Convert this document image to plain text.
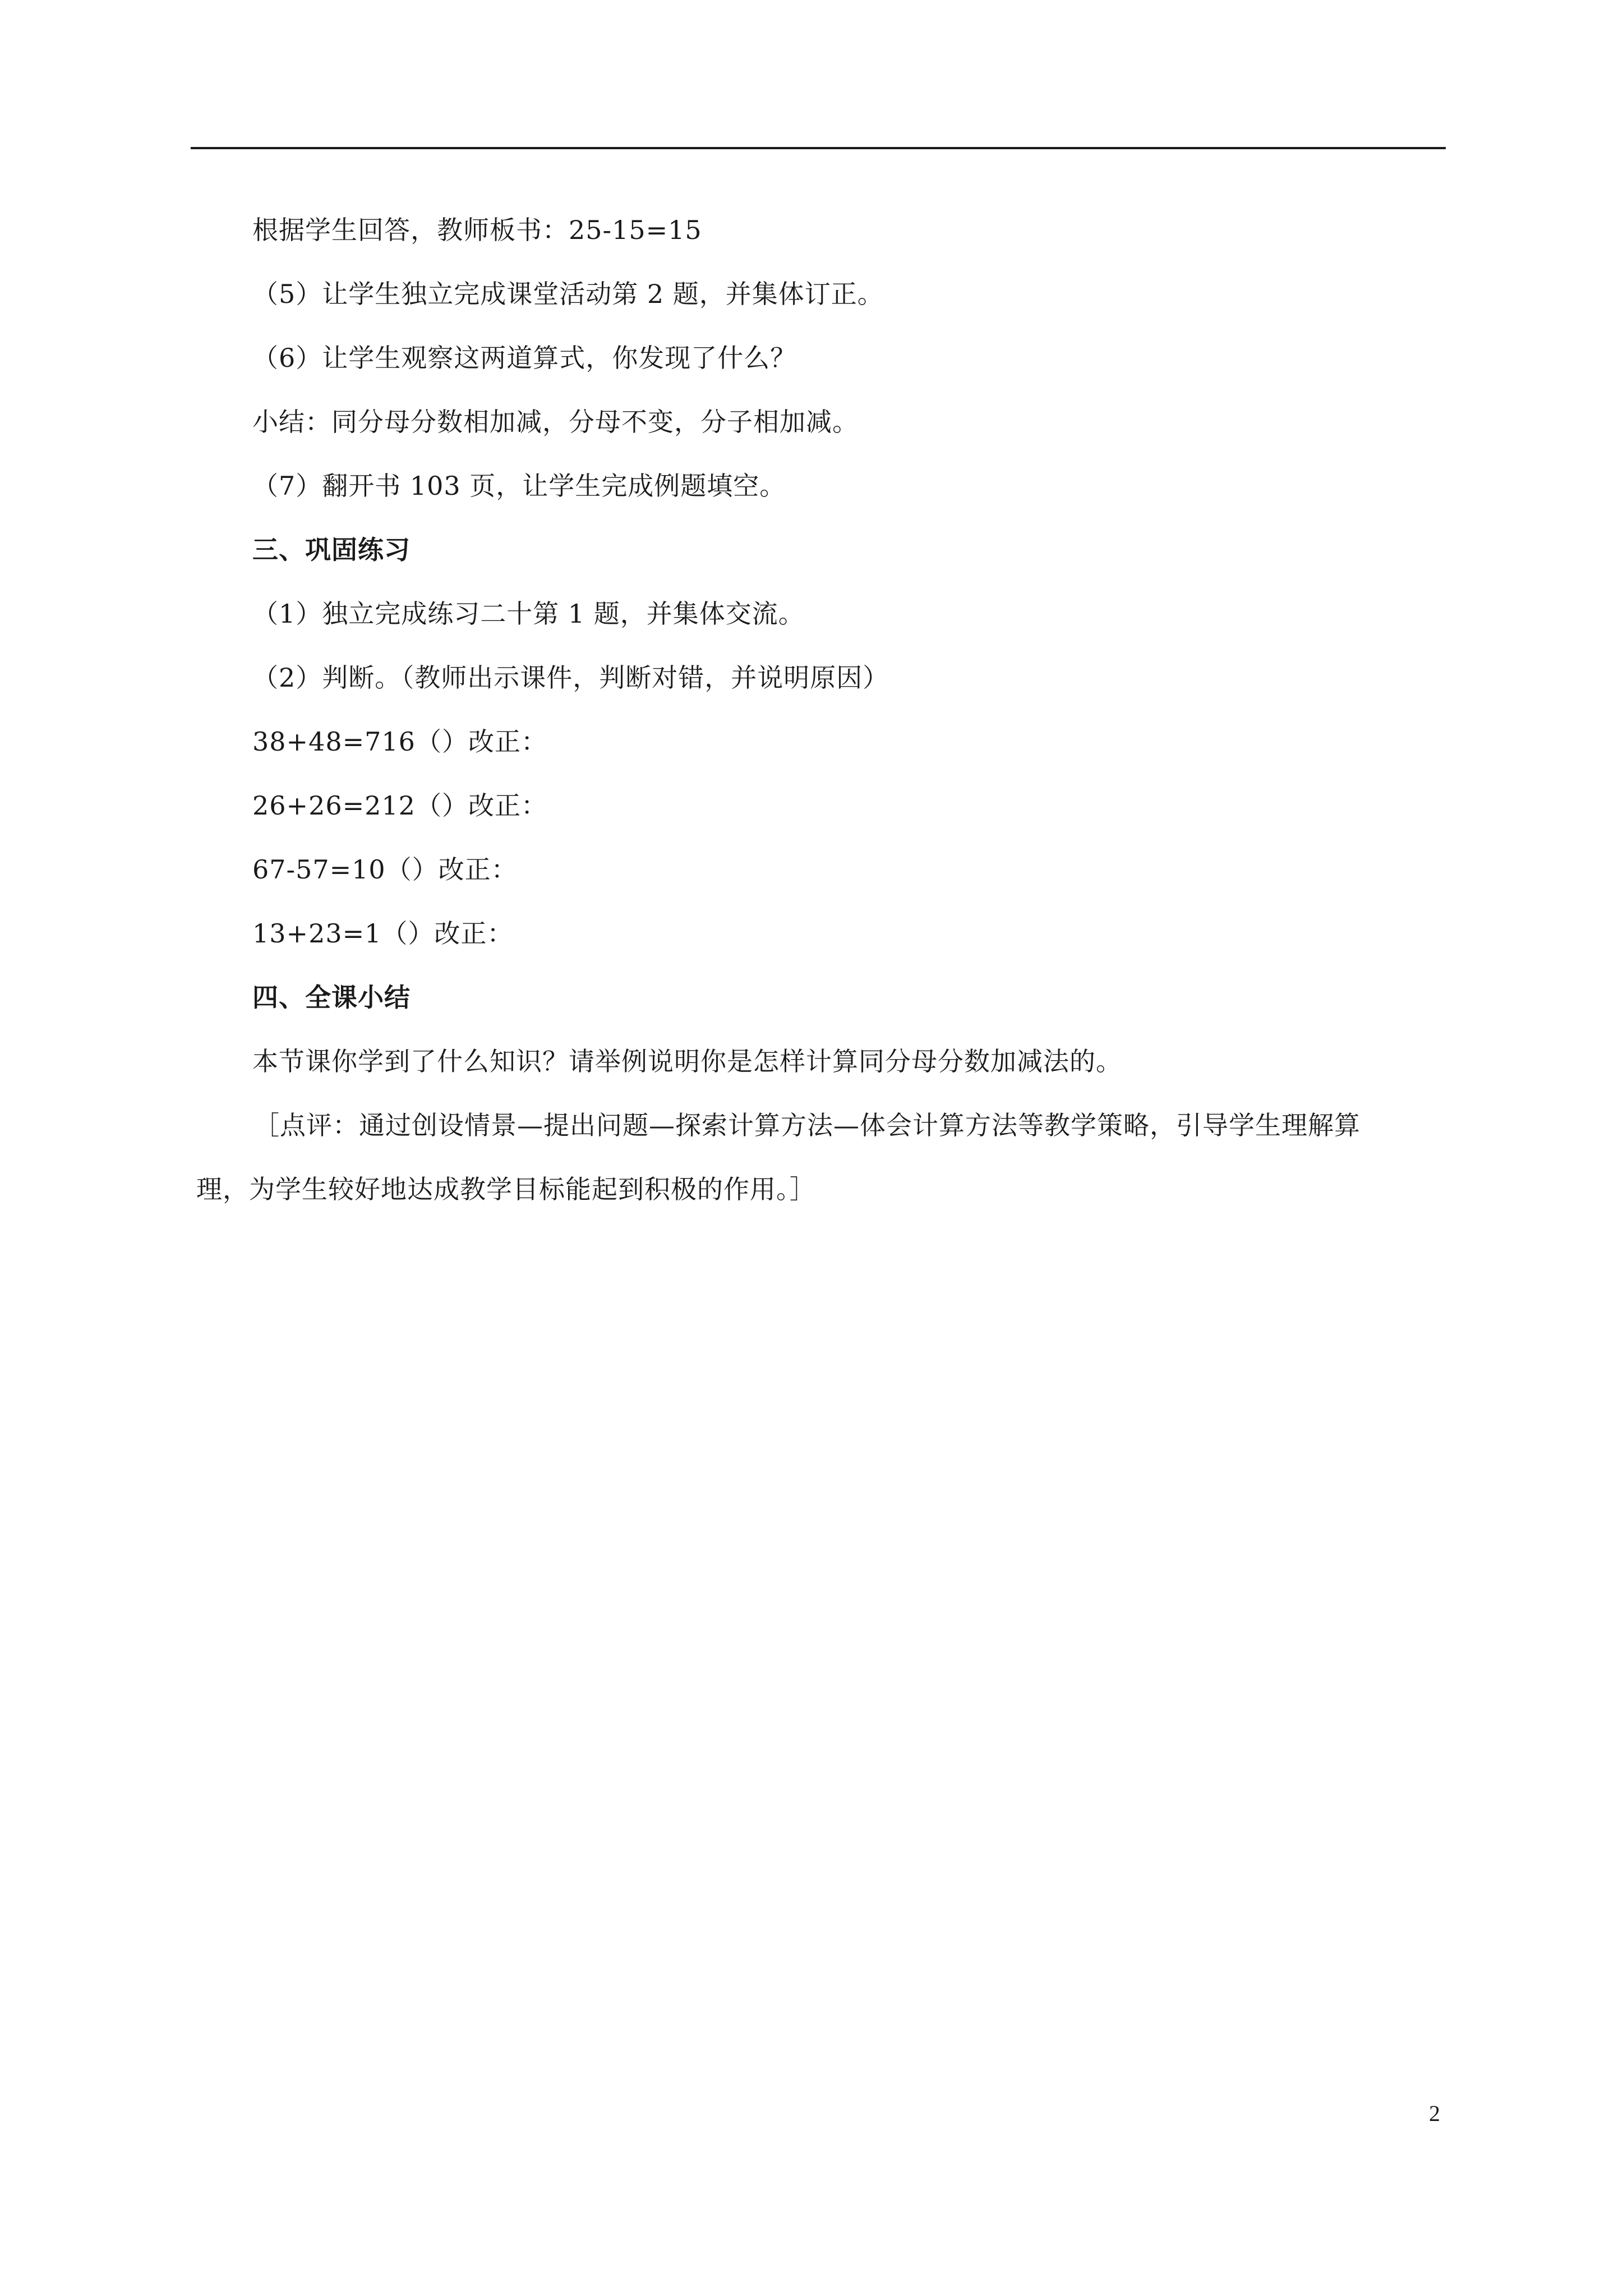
根据学生回答，教师板书：25-15=15
（5）让学生独立完成课堂活动第 2 题，并集体订正。
（6）让学生观察这两道算式，你发现了什么？
小结：同分母分数相加减，分母不变，分子相加减。
（7）翻开书 103 页，让学生完成例题填空。
三、巩固练习
（1）独立完成练习二十第 1 题，并集体交流。
（2）判断。（教师出示课件，判断对错，并说明原因）
38+48=716（）改正：
26+26=212（）改正：
67-57=10（）改正：
13+23=1（）改正：
四、全课小结
本节课你学到了什么知识？请举例说明你是怎样计算同分母分数加减法的。
［点评：通过创设情景—提出问题—探索计算方法—体会计算方法等教学策略，引导学生理解算
理，为学生较好地达成教学目标能起到积极的作用。］
2
